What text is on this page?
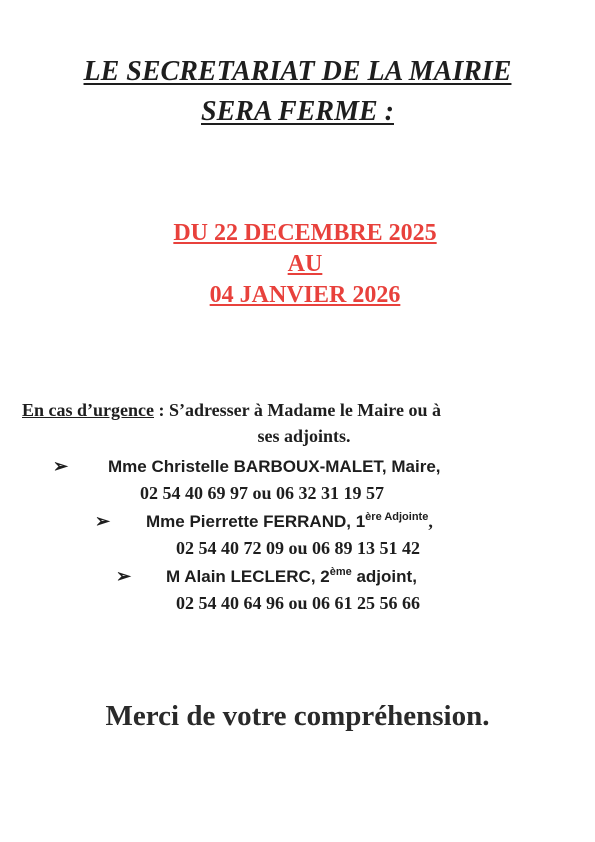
LE SECRETARIAT DE LA MAIRIE
SERA FERME :
DU 22 DECEMBRE 2025
AU
04 JANVIER 2026
En cas d’urgence : S’adresser à Madame le Maire ou à
ses adjoints.
➢ Mme Christelle BARBOUX-MALET, Maire,
02 54 40 69 97 ou 06 32 31 19 57
➢ Mme Pierrette FERRAND, $1^{ère Adjointe}$,
02 54 40 72 09 ou 06 89 13 51 42
➢ M Alain LECLERC, 2ème adjoint,
02 54 40 64 96 ou 06 61 25 56 66

Merci de votre compréhension.
